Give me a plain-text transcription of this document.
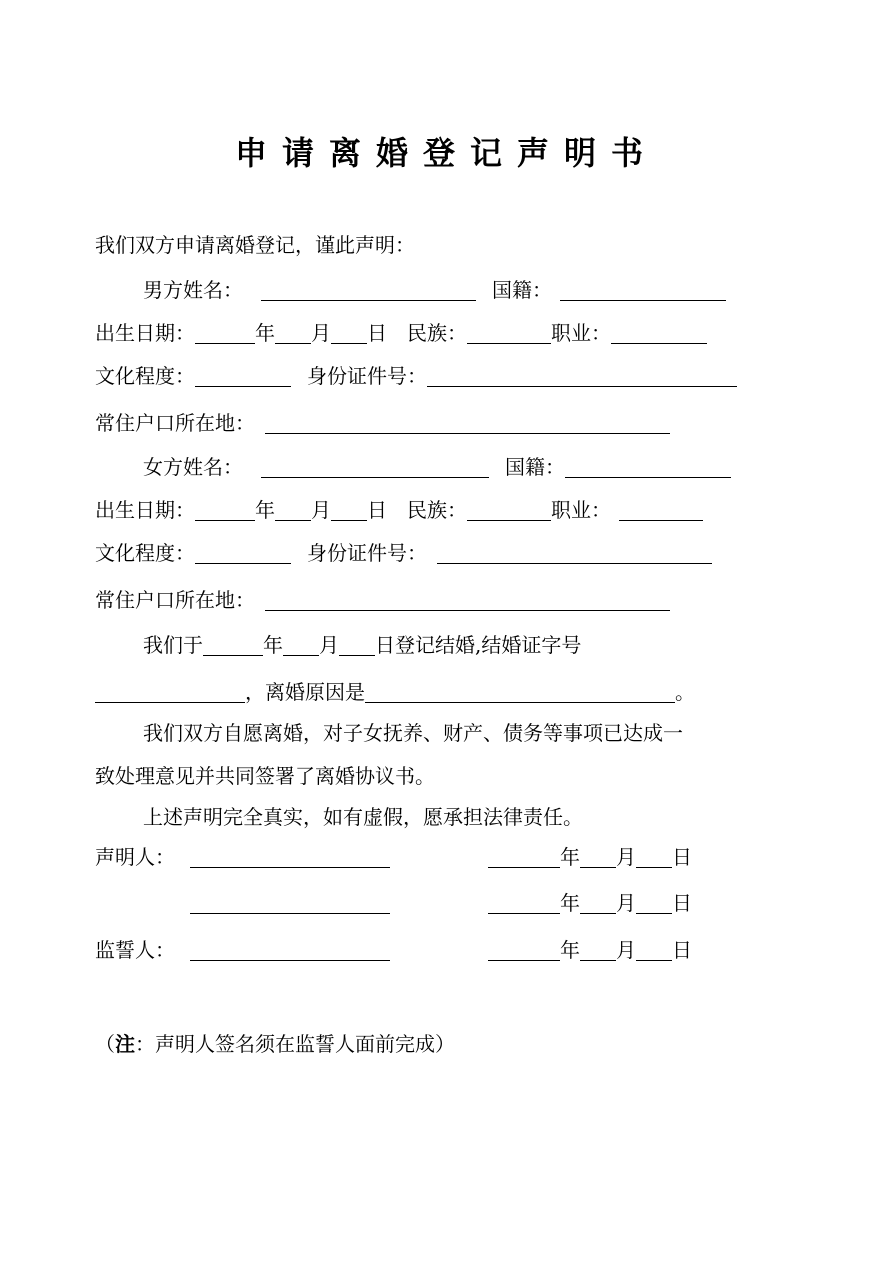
申请离婚登记声明书
我们双方申请离婚登记，谨此声明：
男方姓名：	国籍：
出生日期：	年 月 日 民族：	职业：
文化程度：	身份证件号：
常住户口所在地：
女方姓名：	国籍：
出生日期：	年 月 日 民族：	职业：
文化程度：	身份证件号：
常住户口所在地：
我们于	年 月 日登记结婚,结婚证字号
，离婚原因是	。
我们双方自愿离婚，对子女抚养、财产、债务等事项已达成一
致处理意见并共同签署了离婚协议书。
上述声明完全真实，如有虚假，愿承担法律责任。
声明人：	年 月 日
年 月 日
监誓人：	年 月 日
（注：声明人签名须在监誓人面前完成）
